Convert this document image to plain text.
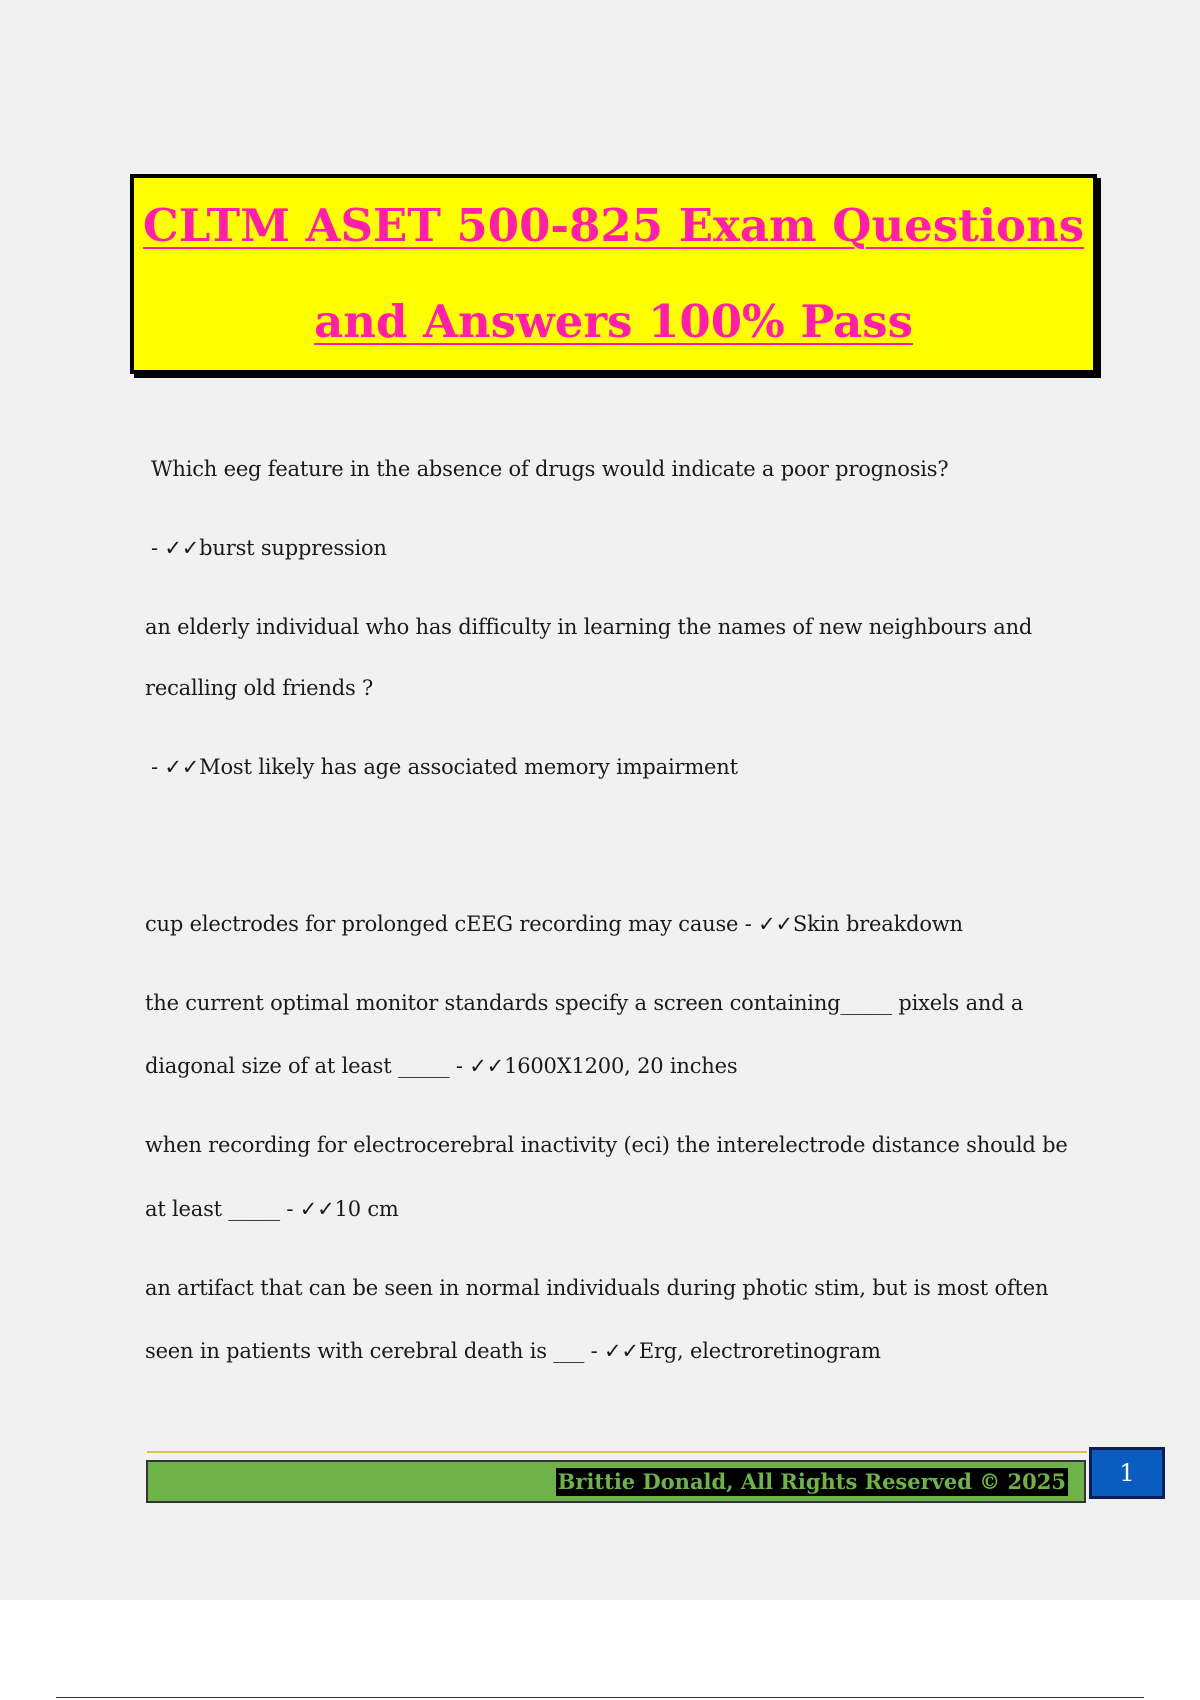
CLTM ASET 500-825 Exam Questions
and Answers 100% Pass
Which eeg feature in the absence of drugs would indicate a poor prognosis?
- ✓✓burst suppression
an elderly individual who has difficulty in learning the names of new neighbours and
recalling old friends ?
- ✓✓Most likely has age associated memory impairment
cup electrodes for prolonged cEEG recording may cause - ✓✓Skin breakdown
the current optimal monitor standards specify a screen containing_____ pixels and a
diagonal size of at least _____ - ✓✓1600X1200, 20 inches
when recording for electrocerebral inactivity (eci) the interelectrode distance should be
at least _____ - ✓✓10 cm
an artifact that can be seen in normal individuals during photic stim, but is most often
seen in patients with cerebral death is ___ - ✓✓Erg, electroretinogram
Brittie Donald, All Rights Reserved © 2025	1
